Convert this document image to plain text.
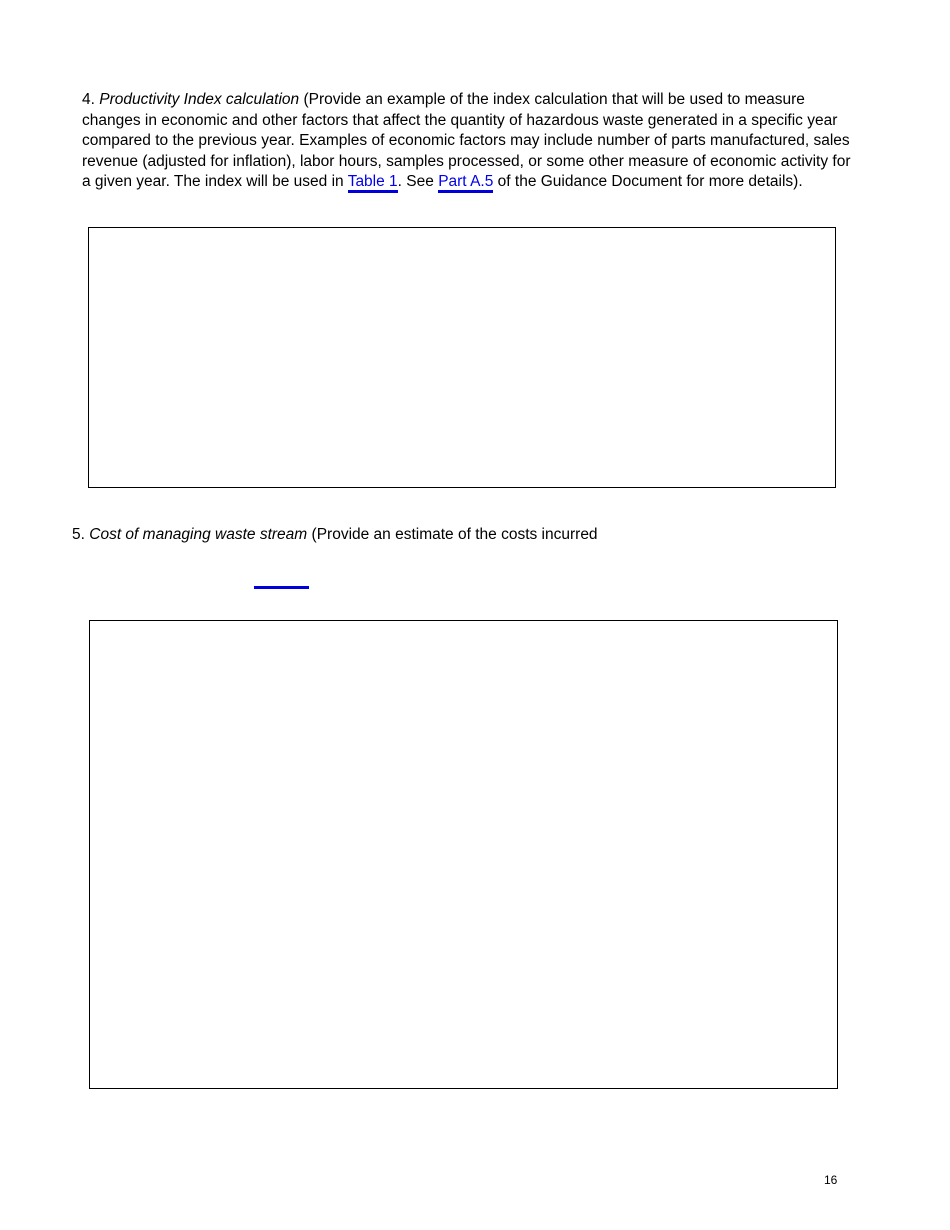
4. Productivity Index calculation (Provide an example of the index calculation that will be used to measure changes in economic and other factors that affect the quantity of hazardous waste generated in a specific year compared to the previous year. Examples of economic factors may include number of parts manufactured, sales revenue (adjusted for inflation), labor hours, samples processed, or some other measure of economic activity for a given year. The index will be used in Table 1. See Part A.5 of the Guidance Document for more details).
5. Cost of managing waste stream (Provide an estimate of the costs incurred
16
